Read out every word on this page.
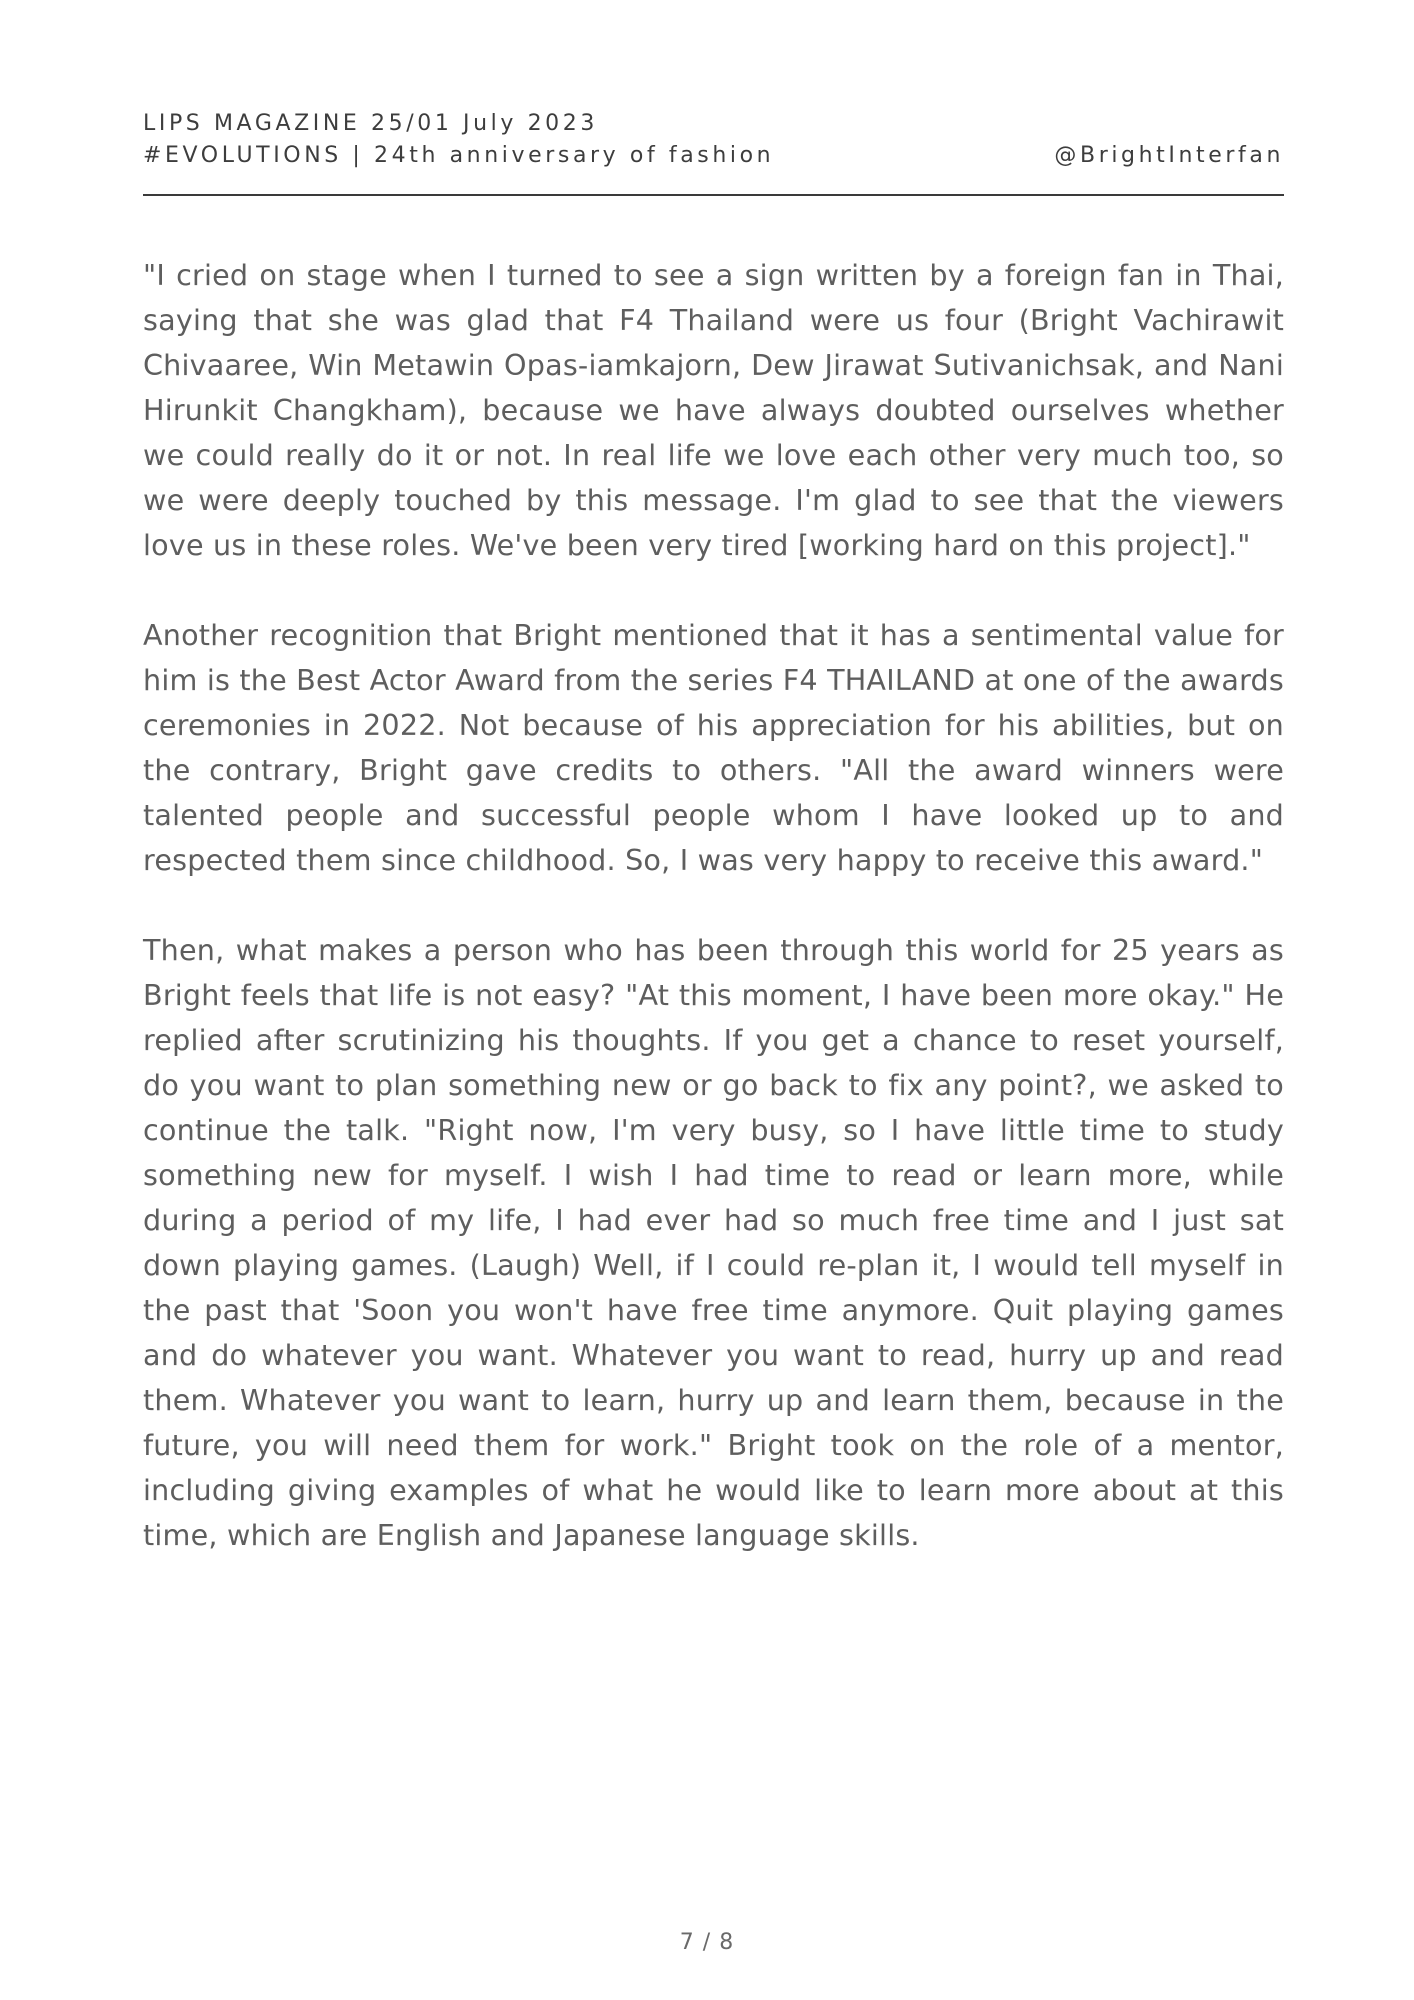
LIPS MAGAZINE 25/01 July 2023
#EVOLUTIONS | 24th anniversary of fashion	@BrightInterfan

"I cried on stage when I turned to see a sign written by a foreign fan in Thai, saying that she was glad that F4 Thailand were us four (Bright Vachirawit Chivaaree, Win Metawin Opas-iamkajorn, Dew Jirawat Sutivanichsak, and Nani Hirunkit Changkham), because we have always doubted ourselves whether we could really do it or not. In real life we love each other very much too, so we were deeply touched by this message. I'm glad to see that the viewers love us in these roles. We've been very tired [working hard on this project]."

Another recognition that Bright mentioned that it has a sentimental value for him is the Best Actor Award from the series F4 THAILAND at one of the awards ceremonies in 2022. Not because of his appreciation for his abilities, but on the contrary, Bright gave credits to others. "All the award winners were talented people and successful people whom I have looked up to and respected them since childhood. So, I was very happy to receive this award."

Then, what makes a person who has been through this world for 25 years as Bright feels that life is not easy? "At this moment, I have been more okay." He replied after scrutinizing his thoughts. If you get a chance to reset yourself, do you want to plan something new or go back to fix any point?, we asked to continue the talk. "Right now, I'm very busy, so I have little time to study something new for myself. I wish I had time to read or learn more, while during a period of my life, I had ever had so much free time and I just sat down playing games. (Laugh) Well, if I could re-plan it, I would tell myself in the past that 'Soon you won't have free time anymore. Quit playing games and do whatever you want. Whatever you want to read, hurry up and read them. Whatever you want to learn, hurry up and learn them, because in the future, you will need them for work." Bright took on the role of a mentor, including giving examples of what he would like to learn more about at this time, which are English and Japanese language skills.

7 / 8
